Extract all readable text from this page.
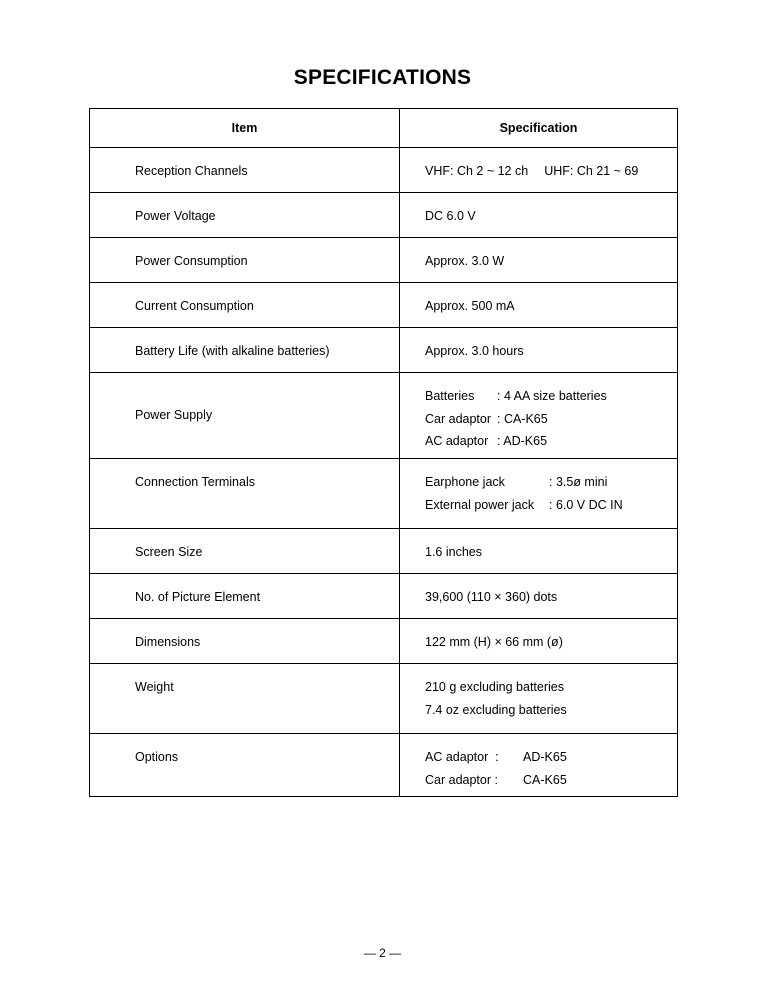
SPECIFICATIONS
Item	Specification

Reception Channels	VHF: Ch 2 ~ 12 ch UHF: Ch 21 ~ 69

Power Voltage	DC 6.0 V

Power Consumption	Approx. 3.0 W

Current Consumption	Approx. 500 mA

Battery Life (with alkaline batteries)	Approx. 3.0 hours

Power Supply	Batteries : 4 AA size batteries
Car adaptor : CA-K65
AC adaptor : AD-K65

Connection Terminals	Earphone jack : 3.5ø mini
External power jack : 6.0 V DC IN

Screen Size	1.6 inches

No. of Picture Element	39,600 (110 × 360) dots

Dimensions	122 mm (H) × 66 mm (ø)

Weight	210 g excluding batteries
7.4 oz excluding batteries

Options	AC adaptor  : AD-K65
Car adaptor : CA-K65
— 2 —
